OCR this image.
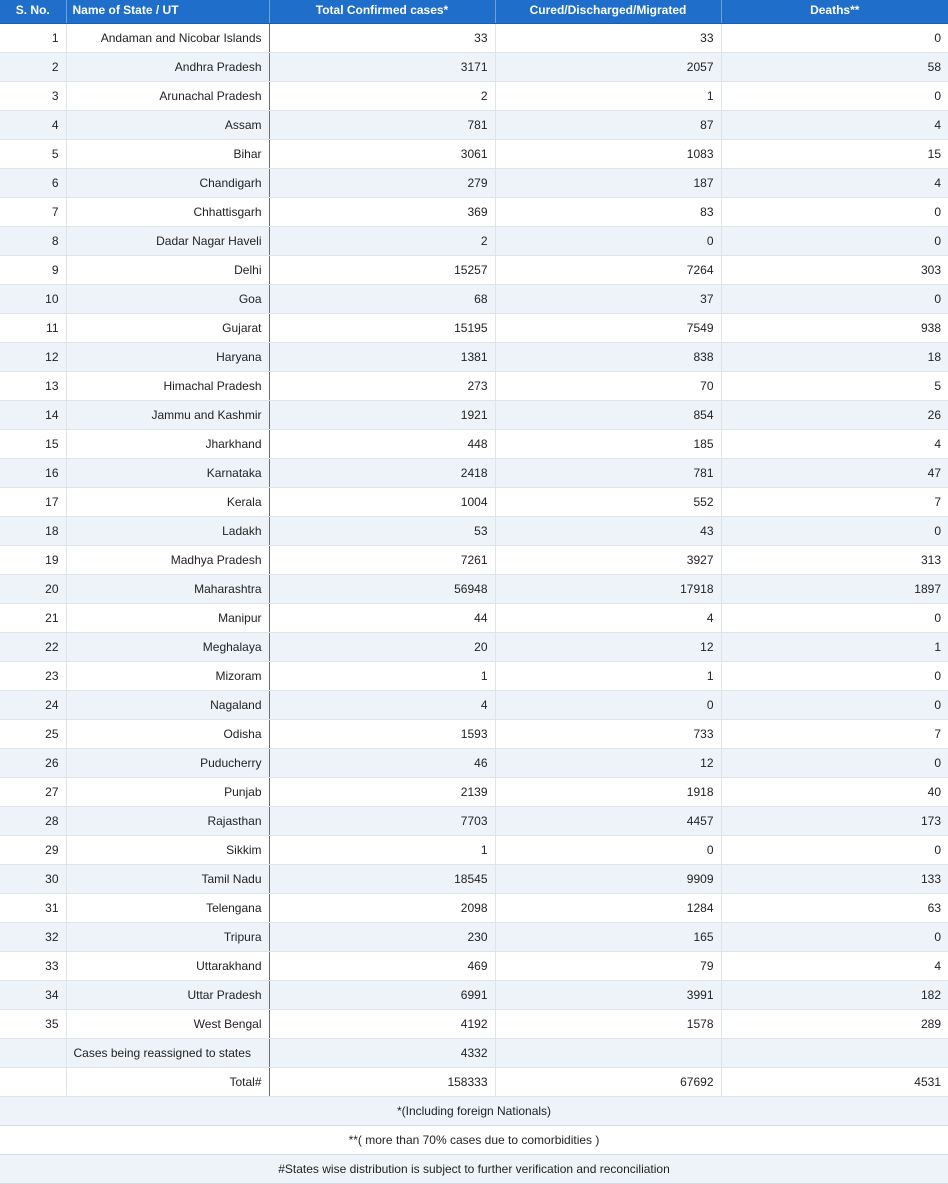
S. No.	Name of State / UT	Total Confirmed cases*	Cured/Discharged/Migrated	Deaths**
1	Andaman and Nicobar Islands	33	33	0
2	Andhra Pradesh	3171	2057	58
3	Arunachal Pradesh	2	1	0
4	Assam	781	87	4
5	Bihar	3061	1083	15
6	Chandigarh	279	187	4
7	Chhattisgarh	369	83	0
8	Dadar Nagar Haveli	2	0	0
9	Delhi	15257	7264	303
10	Goa	68	37	0
11	Gujarat	15195	7549	938
12	Haryana	1381	838	18
13	Himachal Pradesh	273	70	5
14	Jammu and Kashmir	1921	854	26
15	Jharkhand	448	185	4
16	Karnataka	2418	781	47
17	Kerala	1004	552	7
18	Ladakh	53	43	0
19	Madhya Pradesh	7261	3927	313
20	Maharashtra	56948	17918	1897
21	Manipur	44	4	0
22	Meghalaya	20	12	1
23	Mizoram	1	1	0
24	Nagaland	4	0	0
25	Odisha	1593	733	7
26	Puducherry	46	12	0
27	Punjab	2139	1918	40
28	Rajasthan	7703	4457	173
29	Sikkim	1	0	0
30	Tamil Nadu	18545	9909	133
31	Telengana	2098	1284	63
32	Tripura	230	165	0
33	Uttarakhand	469	79	4
34	Uttar Pradesh	6991	3991	182
35	West Bengal	4192	1578	289
	Cases being reassigned to states	4332		
	Total#	158333	67692	4531
*(Including foreign Nationals)				
**( more than 70% cases due to comorbidities )				
#States wise distribution is subject to further verification and reconciliation				
